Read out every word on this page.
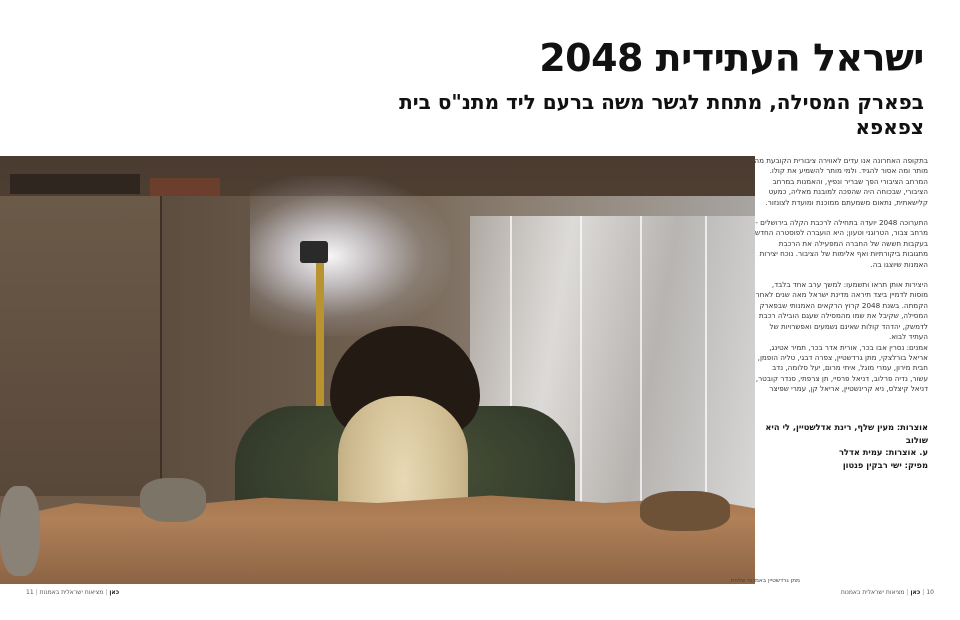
ישראל העתידית 2048
בפארק המסילה, מתחת לגשר משה ברעם ליד מתנ"ס בית צפאפא

בתקופה האחרונה אנו עדים לאווירה ציבורית הקובעת מה מותר ומה אסור להגיד. ולמי מותר להשמיע את קולו. המרחב הציבורי הפך שבריר ונפיץ, והאמנות במרחב הציבורי, שבכוחה היה שהפכה למובנת מאליה, כמעט קלישאתית, נתאום משמעתם ממוכנת ומועדת לצונזור.

התערוכה 2048 יועדה בתחילה לרכבת הקלה בירושלים - מרחב צבור, הטרוגני וטעון; היא הועברה לפוסטרה החדש בעקבות חששה של החברה המפעילה את הרכבת מתגובות ביקורתיות ואף אלימות של הציבור. נוכח יצירות האמנות שיוצגו בה.

היצירות אותן תראו ותשמעו: למשך ערב אחד בלבד, מוסות לדמיין ביצד תיראה מדינת ישראל מאה שנים לאחר הקמתה. בשנת 2048 קרוץ הרקאים האמנותי שבפארק המסילה, שקיבל את שמו מהמסילה שעגם הובילה רכבת לדמשק, יהדהד קולות שאינם נשמעים ואפשרויות של העתיד לבוא.

אמנים: נסרין אבו בכר, אורית אדר בכר, תמיר אטינג, אריאל בורלצקי, מתן גרדשטיין, צפרה דבגי, טליה הופמן, חבית מירון, עמרי מוגל, איתי מרום, יעל סלומה, נדב עשור, נדיה פרלוב, דניאל פרסיי, תן צרפתי, סנדר קובטר, דניאל קיצלס, ניא קרינשטיין, אריאל קן, עמרי שפיצר

אוצרות: מעין שלף, רינת אדלשטיין, לי היא שולוב
ע. אוצרות: עמית אדלר
מפיק: ישי רבקין פנטון
מתן גרדשטיין באמנות שלפת
10|כאן|מציאות ישראלית באמנות
כאן|מציאות ישראלית באמנות|11
